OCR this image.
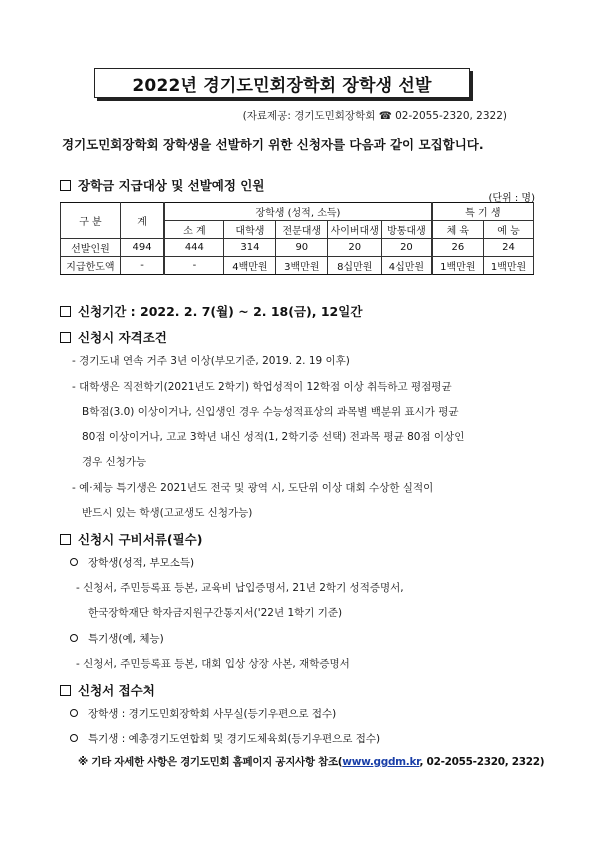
2022년 경기도민회장학회 장학생 선발
(자료제공: 경기도민회장학회 ☎ 02-2055-2320, 2322)
경기도민회장학회 장학생을 선발하기 위한 신청자를 다음과 같이 모집합니다.
장학금 지급대상 및 선발예정 인원
(단위 : 명)
구 분	계	장학생 (성적, 소득)					특 기 생	
		소 계	대학생	전문대생	사이버대생	방통대생	체 육	예 능
선발인원	494	444	314	90	20	20	26	24
지급한도액	-	-	4백만원	3백만원	8십만원	4십만원	1백만원	1백만원
신청기간 : 2022. 2. 7(월) ~ 2. 18(금), 12일간
신청시 자격조건
- 경기도내 연속 거주 3년 이상(부모기준, 2019. 2. 19 이후)
- 대학생은 직전학기(2021년도 2학기) 학업성적이 12학점 이상 취득하고 평점평균
B학점(3.0) 이상이거나, 신입생인 경우 수능성적표상의 과목별 백분위 표시가 평균
80점 이상이거나, 고교 3학년 내신 성적(1, 2학기중 선택) 전과목 평균 80점 이상인
경우 신청가능
- 예·체능 특기생은 2021년도 전국 및 광역 시, 도단위 이상 대회 수상한 실적이
반드시 있는 학생(고교생도 신청가능)
신청시 구비서류(필수)
장학생(성적, 부모소득)
- 신청서, 주민등록표 등본, 교육비 납입증명서, 21년 2학기 성적증명서,
한국장학재단 학자금지원구간통지서('22년 1학기 기준)
특기생(예, 체능)
- 신청서, 주민등록표 등본, 대회 입상 상장 사본, 재학증명서
신청서 접수처
장학생 : 경기도민회장학회 사무실(등기우편으로 접수)
특기생 : 예총경기도연합회 및 경기도체육회(등기우편으로 접수)
※ 기타 자세한 사항은 경기도민회 홈페이지 공지사항 참조(www.ggdm.kr, 02-2055-2320, 2322)
